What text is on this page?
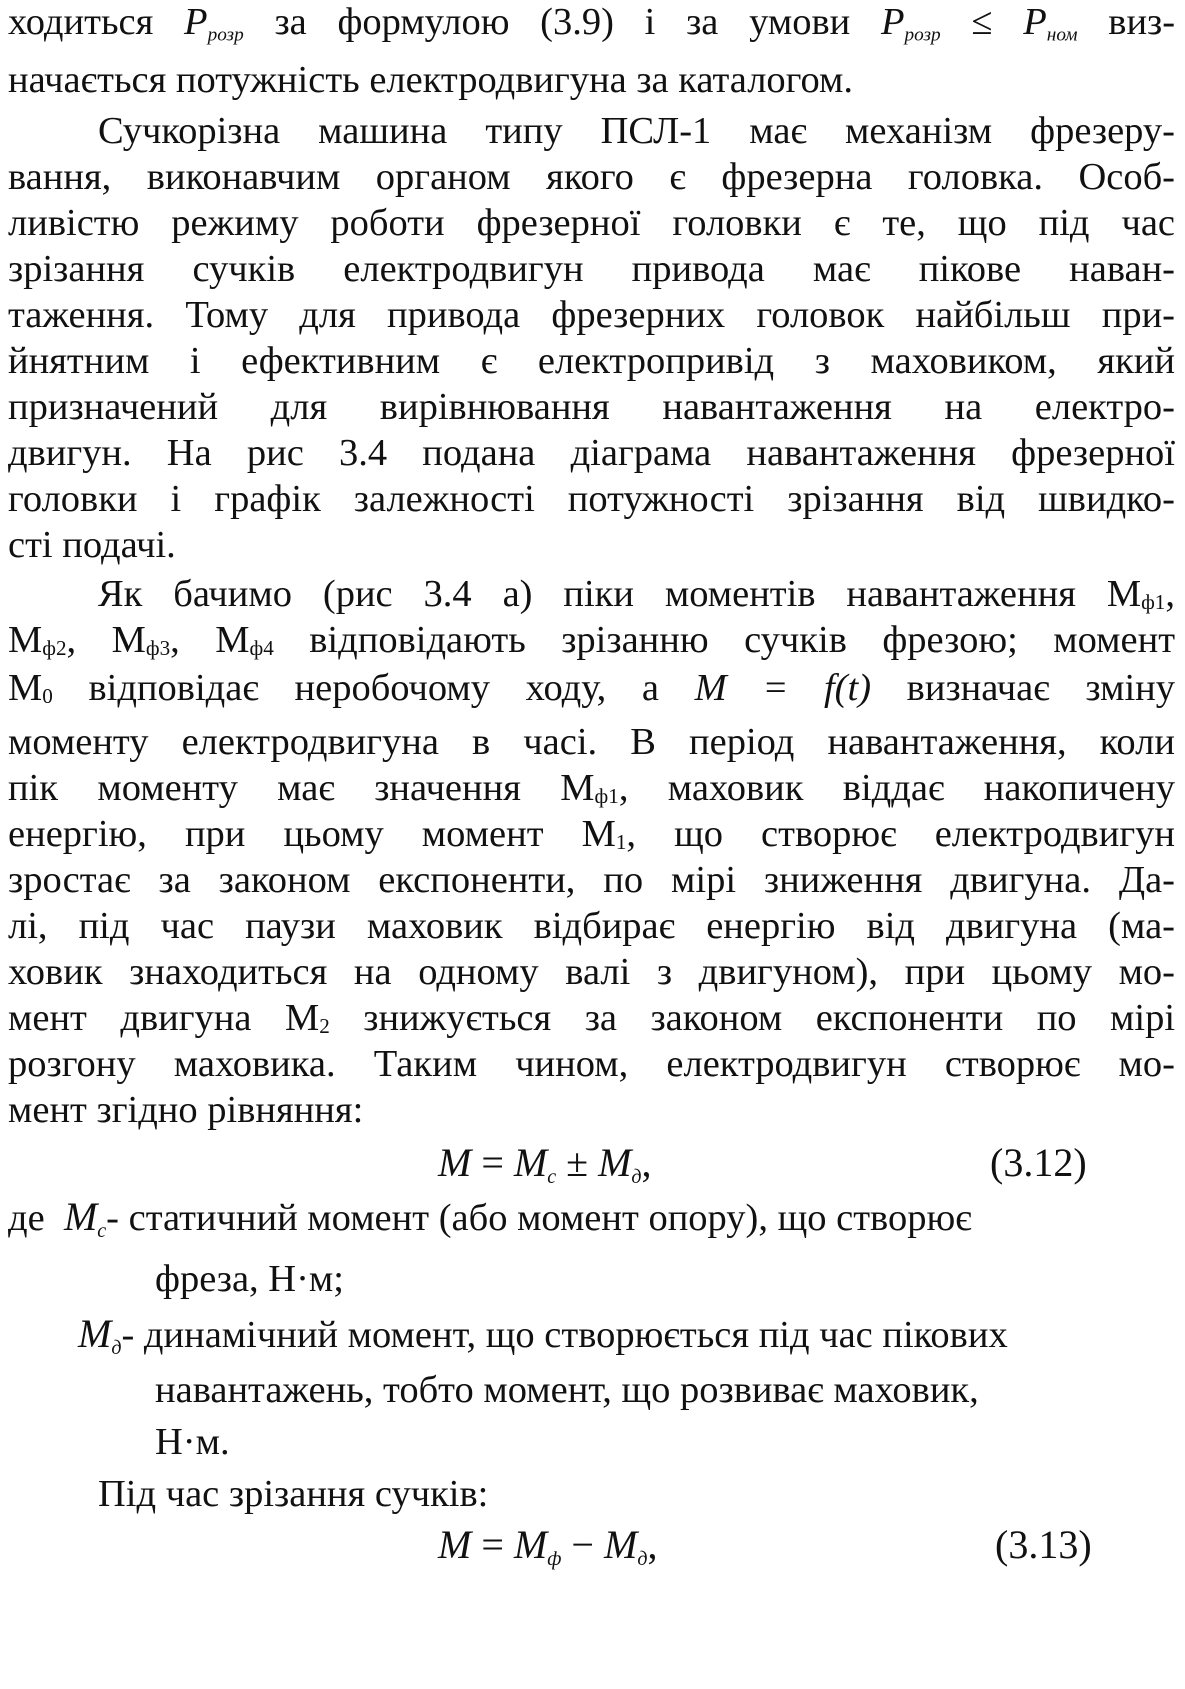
ходиться $P_{розр}$ за формулою (3.9) і за умови $P_{розр} \le P_{ном}$ виз-
начається потужність електродвигуна за каталогом.
Сучкорізна машина типу ПСЛ-1 має механізм фрезеру-
вання, виконавчим органом якого є фрезерна головка. Особ-
ливістю режиму роботи фрезерної головки є те, що під час
зрізання сучків електродвигун привода має пікове наван-
таження. Тому для привода фрезерних головок найбільш при-
йнятним і ефективним є електропривід з маховиком, який
призначений для вирівнювання навантаження на електро-
двигун. На рис 3.4 подана діаграма навантаження фрезерної
головки і графік залежності потужності зрізання від швидко-
сті подачі.
Як бачимо (рис 3.4 а) піки моментів навантаження $М_{ф1}$,
$М_{ф2}$, $М_{ф3}$, $М_{ф4}$ відповідають зрізанню сучків фрезою; момент
$М_0$ відповідає неробочому ходу, а M = f(t) визначає зміну
моменту електродвигуна в часі. В період навантаження, коли
пік моменту має значення $М_{ф1}$, маховик віддає накопичену
енергію, при цьому момент $М_1$, що створює електродвигун
зростає за законом експоненти, по мірі зниження двигуна. Да-
лі, під час паузи маховик відбирає енергію від двигуна (ма-
ховик знаходиться на одному валі з двигуном), при цьому мо-
мент двигуна $М_2$ знижується за законом експоненти по мірі
розгону маховика. Таким чином, електродвигун створює мо-
мент згідно рівняння:
$M = M_c \pm M_д$,	(3.12)
де $M_c-$ статичний момент (або момент опору), що створює
фреза, Н·м;
$M_д-$ динамічний момент, що створюється під час пікових
навантажень, тобто момент, що розвиває маховик,
Н·м.
Під час зрізання сучків:
$M = M_ф - M_д$,	(3.13)
